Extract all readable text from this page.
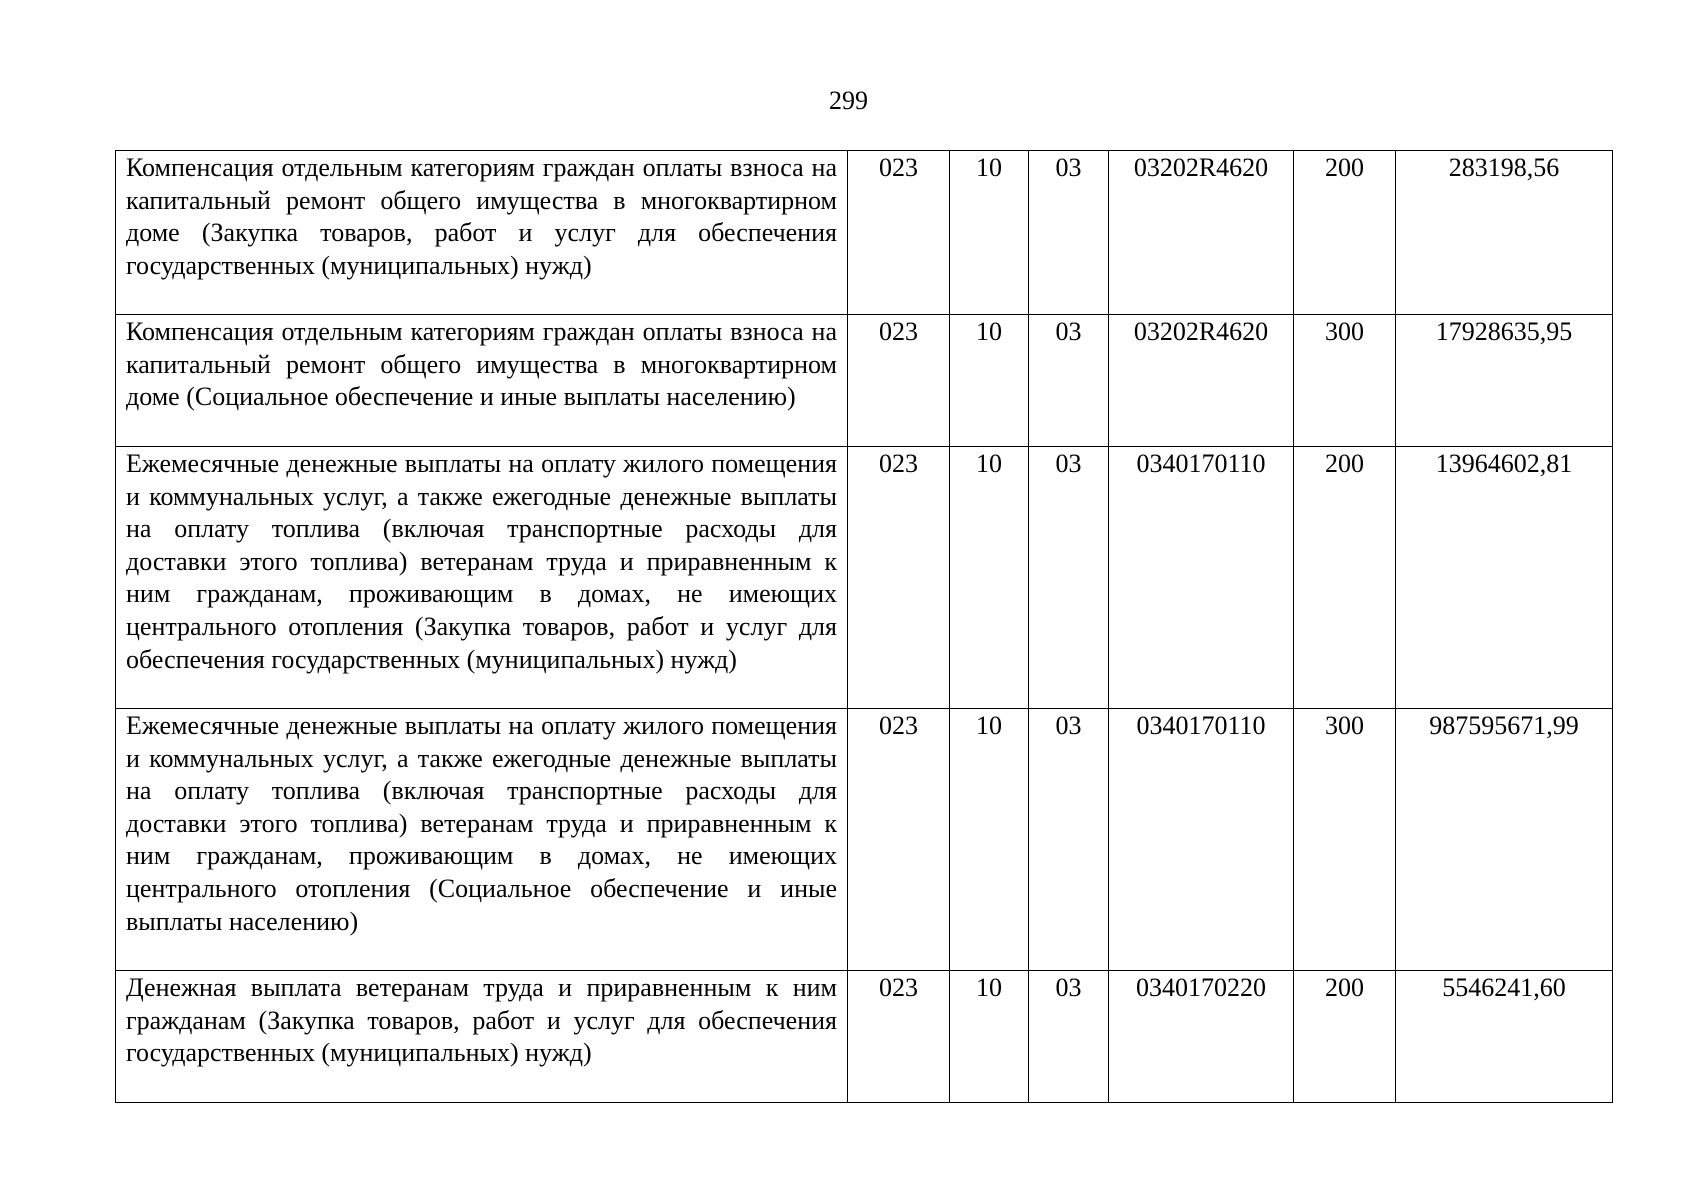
299
Компенсация отдельным категориям граждан оплаты взноса на капитальный ремонт общего имущества в многоквартирном доме (Закупка товаров, работ и услуг для обеспечения государственных (муниципальных) нужд)	023	10	03	03202R4620	200	283198,56
Компенсация отдельным категориям граждан оплаты взноса на капитальный ремонт общего имущества в многоквартирном доме (Социальное обеспечение и иные выплаты населению)	023	10	03	03202R4620	300	17928635,95
Ежемесячные денежные выплаты на оплату жилого помещения и коммунальных услуг, а также ежегодные денежные выплаты на оплату топлива (включая транспортные расходы для доставки этого топлива) ветеранам труда и приравненным к ним гражданам, проживающим в домах, не имеющих центрального отопления (Закупка товаров, работ и услуг для обеспечения государственных (муниципальных) нужд)	023	10	03	0340170110	200	13964602,81
Ежемесячные денежные выплаты на оплату жилого помещения и коммунальных услуг, а также ежегодные денежные выплаты на оплату топлива (включая транспортные расходы для доставки этого топлива) ветеранам труда и приравненным к ним гражданам, проживающим в домах, не имеющих центрального отопления (Социальное обеспечение и иные выплаты населению)	023	10	03	0340170110	300	987595671,99
Денежная выплата ветеранам труда и приравненным к ним гражданам (Закупка товаров, работ и услуг для обеспечения государственных (муниципальных) нужд)	023	10	03	0340170220	200	5546241,60
